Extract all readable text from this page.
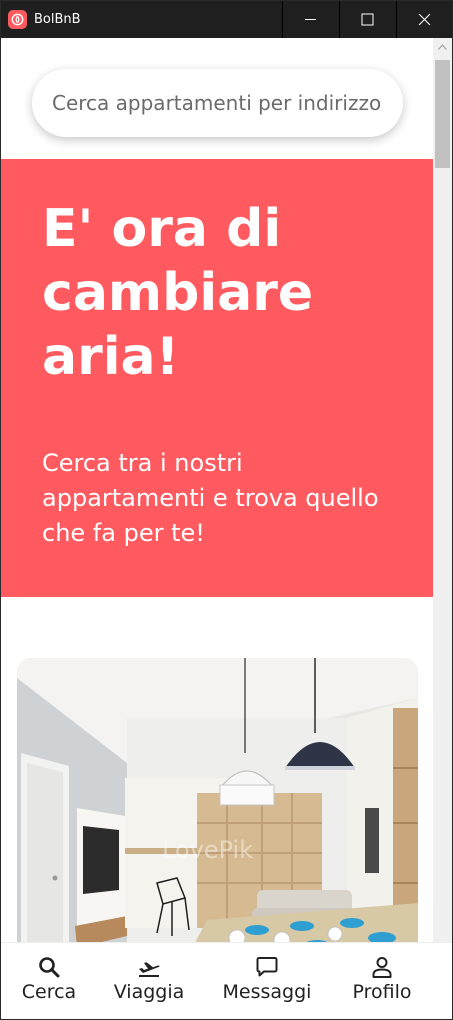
BolBnB
Cerca appartamenti per indirizzo
E' ora di cambiare aria!

Cerca tra i nostri appartamenti e trova quello che fa per te!

LovePik
Cerca	Viaggia Messaggi	Profilo
